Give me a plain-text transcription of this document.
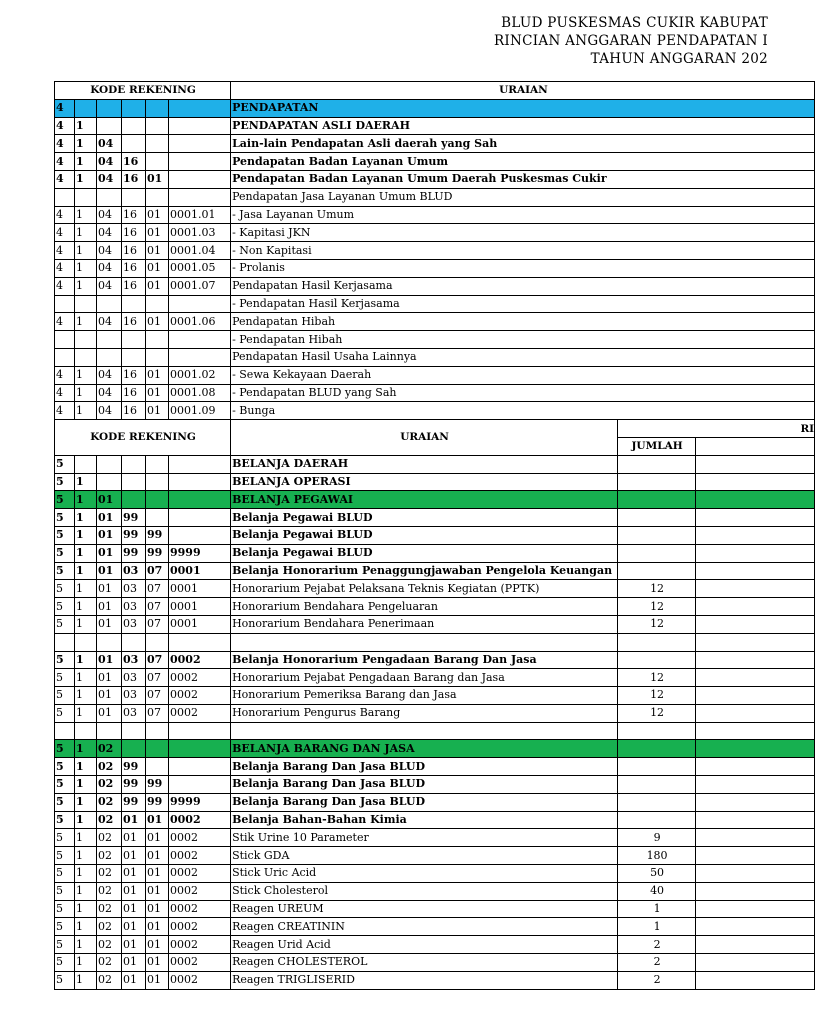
BLUD PUSKESMAS CUKIR KABUPAT
RINCIAN ANGGARAN PENDAPATAN I
TAHUN ANGGARAN 202
KODE REKENING						URAIAN		
4						PENDAPATAN		
4	1					PENDAPATAN ASLI DAERAH		
4	1	04				Lain-lain Pendapatan Asli daerah yang Sah		
4	1	04	16			Pendapatan Badan Layanan Umum		
4	1	04	16	01		Pendapatan Badan Layanan Umum Daerah Puskesmas Cukir		
						Pendapatan Jasa Layanan Umum BLUD		
4	1	04	16	01	0001.01	- Jasa Layanan Umum		
4	1	04	16	01	0001.03	- Kapitasi JKN		
4	1	04	16	01	0001.04	- Non Kapitasi		
4	1	04	16	01	0001.05	- Prolanis		
4	1	04	16	01	0001.07	Pendapatan Hasil Kerjasama		
						- Pendapatan Hasil Kerjasama		
4	1	04	16	01	0001.06	Pendapatan Hibah		
						- Pendapatan Hibah		
						Pendapatan Hasil Usaha Lainnya		
4	1	04	16	01	0001.02	- Sewa Kekayaan Daerah		
4	1	04	16	01	0001.08	- Pendapatan BLUD yang Sah		
4	1	04	16	01	0001.09	- Bunga		
KODE REKENING						URAIAN	RI	
							JUMLAH	
5						BELANJA DAERAH		
5	1					BELANJA OPERASI		
5	1	01				BELANJA PEGAWAI		
5	1	01	99			Belanja Pegawai BLUD		
5	1	01	99	99		Belanja Pegawai BLUD		
5	1	01	99	99	9999	Belanja Pegawai BLUD		
5	1	01	03	07	0001	Belanja Honorarium Penaggungjawaban Pengelola Keuangan		
5	1	01	03	07	0001	Honorarium Pejabat Pelaksana Teknis Kegiatan (PPTK)	12	
5	1	01	03	07	0001	Honorarium Bendahara Pengeluaran	12	
5	1	01	03	07	0001	Honorarium Bendahara Penerimaan	12	

5	1	01	03	07	0002	Belanja Honorarium Pengadaan Barang Dan Jasa		
5	1	01	03	07	0002	Honorarium Pejabat Pengadaan Barang dan Jasa	12	
5	1	01	03	07	0002	Honorarium Pemeriksa Barang dan Jasa	12	
5	1	01	03	07	0002	Honorarium Pengurus Barang	12	

5	1	02				BELANJA BARANG DAN JASA		
5	1	02	99			Belanja Barang Dan Jasa BLUD		
5	1	02	99	99		Belanja Barang Dan Jasa BLUD		
5	1	02	99	99	9999	Belanja Barang Dan Jasa BLUD		
5	1	02	01	01	0002	Belanja Bahan-Bahan Kimia		
5	1	02	01	01	0002	Stik Urine 10 Parameter	9	
5	1	02	01	01	0002	Stick GDA	180	
5	1	02	01	01	0002	Stick Uric Acid	50	
5	1	02	01	01	0002	Stick Cholesterol	40	
5	1	02	01	01	0002	Reagen UREUM	1	
5	1	02	01	01	0002	Reagen CREATININ	1	
5	1	02	01	01	0002	Reagen Urid Acid	2	
5	1	02	01	01	0002	Reagen CHOLESTEROL	2	
5	1	02	01	01	0002	Reagen TRIGLISERID	2	
